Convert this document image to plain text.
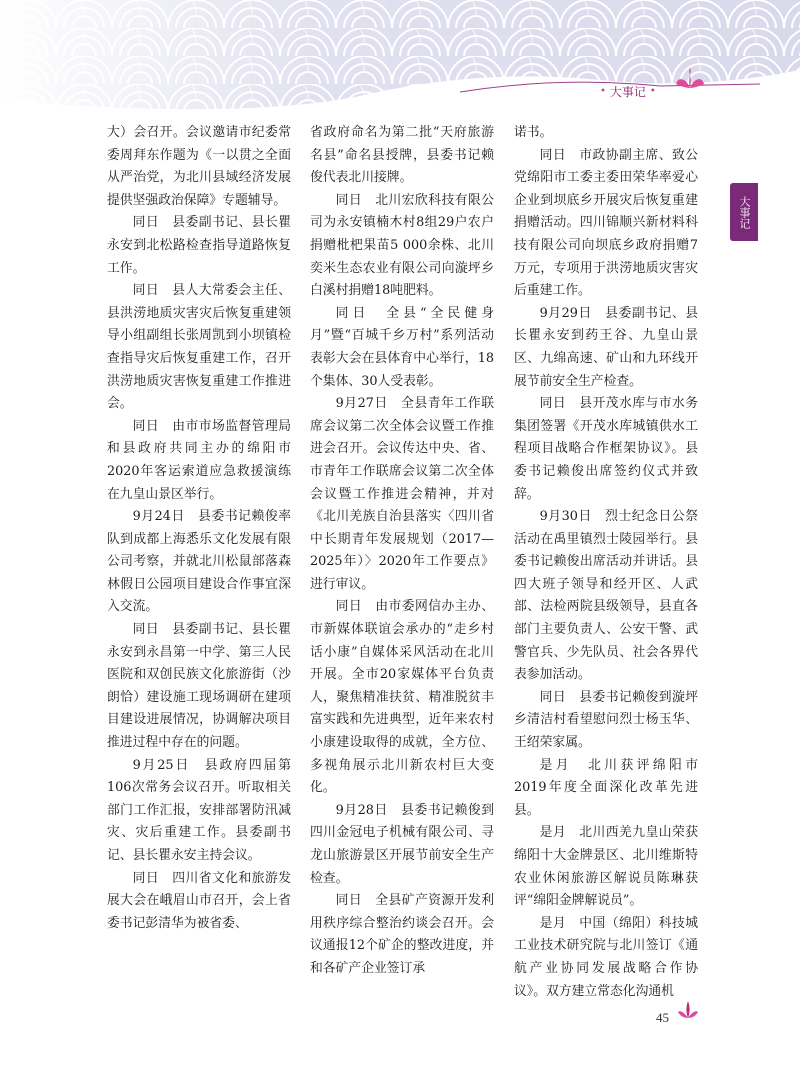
• 大事记 •
大事记

大）会召开。会议邀请市纪委常委周拜东作题为《一以贯之全面从严治党，为北川县域经济发展提供坚强政治保障》专题辅导。

同日　县委副书记、县长瞿永安到北松路检查指导道路恢复工作。

同日　县人大常委会主任、县洪涝地质灾害灾后恢复重建领导小组副组长张周凯到小坝镇检查指导灾后恢复重建工作，召开洪涝地质灾害恢复重建工作推进会。

同日　由市市场监督管理局和县政府共同主办的绵阳市2020年客运索道应急救援演练在九皇山景区举行。

9月24日　县委书记赖俊率队到成都上海悉乐文化发展有限公司考察，并就北川松鼠部落森林假日公园项目建设合作事宜深入交流。

同日　县委副书记、县长瞿永安到永昌第一中学、第三人民医院和双创民族文化旅游街（沙朗恰）建设施工现场调研在建项目建设进展情况，协调解决项目推进过程中存在的问题。

9月25日　县政府四届第106次常务会议召开。听取相关部门工作汇报，安排部署防汛减灾、灾后重建工作。县委副书记、县长瞿永安主持会议。

同日　四川省文化和旅游发展大会在峨眉山市召开，会上省委书记彭清华为被省委、

省政府命名为第二批“天府旅游名县”命名县授牌，县委书记赖俊代表北川接牌。

同日　北川宏欣科技有限公司为永安镇楠木村8组29户农户捐赠枇杷果苗5 000余株、北川奕米生态农业有限公司向漩坪乡白溪村捐赠18吨肥料。

同日　全县“全民健身月”暨“百城千乡万村”系列活动表彰大会在县体育中心举行，18个集体、30人受表彰。

9月27日　全县青年工作联席会议第二次全体会议暨工作推进会召开。会议传达中央、省、市青年工作联席会议第二次全体会议暨工作推进会精神，并对《北川羌族自治县落实〈四川省中长期青年发展规划（2017—2025年）〉2020年工作要点》进行审议。

同日　由市委网信办主办、市新媒体联谊会承办的“走乡村话小康”自媒体采风活动在北川开展。全市20家媒体平台负责人，聚焦精准扶贫、精准脱贫丰富实践和先进典型，近年来农村小康建设取得的成就，全方位、多视角展示北川新农村巨大变化。

9月28日　县委书记赖俊到四川金冠电子机械有限公司、寻龙山旅游景区开展节前安全生产检查。

同日　全县矿产资源开发利用秩序综合整治约谈会召开。会议通报12个矿企的整改进度，并和各矿产企业签订承

诺书。

同日　市政协副主席、致公党绵阳市工委主委田荣华率爱心企业到坝底乡开展灾后恢复重建捐赠活动。四川锦顺兴新材料科技有限公司向坝底乡政府捐赠7万元，专项用于洪涝地质灾害灾后重建工作。

9月29日　县委副书记、县长瞿永安到药王谷、九皇山景区、九绵高速、矿山和九环线开展节前安全生产检查。

同日　县开茂水库与市水务集团签署《开茂水库城镇供水工程项目战略合作框架协议》。县委书记赖俊出席签约仪式并致辞。

9月30日　烈士纪念日公祭活动在禹里镇烈士陵园举行。县委书记赖俊出席活动并讲话。县四大班子领导和经开区、人武部、法检两院县级领导，县直各部门主要负责人、公安干警、武警官兵、少先队员、社会各界代表参加活动。

同日　县委书记赖俊到漩坪乡清洁村看望慰问烈士杨玉华、王绍荣家属。

是月　北川获评绵阳市2019年度全面深化改革先进县。

是月　北川西羌九皇山荣获绵阳十大金牌景区、北川维斯特农业休闲旅游区解说员陈琳获评“绵阳金牌解说员”。

是月　中国（绵阳）科技城工业技术研究院与北川签订《通航产业协同发展战略合作协议》。双方建立常态化沟通机

45
